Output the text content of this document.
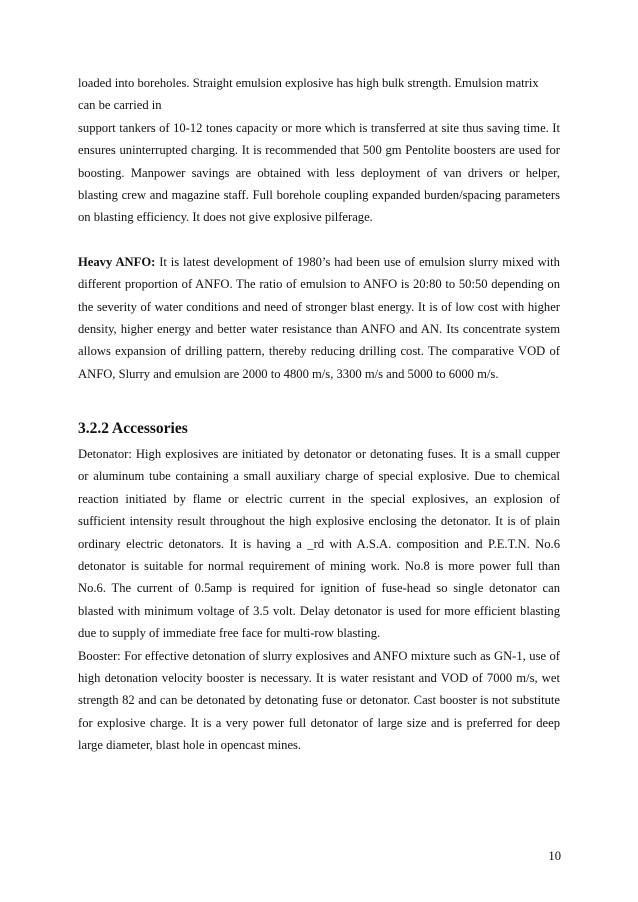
loaded into boreholes. Straight emulsion explosive has high bulk strength. Emulsion matrix

can be carried in

support tankers of 10-12 tones capacity or more which is transferred at site thus saving time. It ensures uninterrupted charging. It is recommended that 500 gm Pentolite boosters are used for boosting. Manpower savings are obtained with less deployment of van drivers or helper, blasting crew and magazine staff. Full borehole coupling expanded burden/spacing parameters on blasting efficiency. It does not give explosive pilferage.

Heavy ANFO: It is latest development of 1980’s had been use of emulsion slurry mixed with different proportion of ANFO. The ratio of emulsion to ANFO is 20:80 to 50:50 depending on the severity of water conditions and need of stronger blast energy. It is of low cost with higher density, higher energy and better water resistance than ANFO and AN. Its concentrate system allows expansion of drilling pattern, thereby reducing drilling cost. The comparative VOD of ANFO, Slurry and emulsion are 2000 to 4800 m/s, 3300 m/s and 5000 to 6000 m/s.

3.2.2 Accessories

Detonator: High explosives are initiated by detonator or detonating fuses. It is a small cupper or aluminum tube containing a small auxiliary charge of special explosive. Due to chemical reaction initiated by flame or electric current in the special explosives, an explosion of sufficient intensity result throughout the high explosive enclosing the detonator. It is of plain ordinary electric detonators. It is having a _rd with A.S.A. composition and P.E.T.N. No.6 detonator is suitable for normal requirement of mining work. No.8 is more power full than No.6. The current of 0.5amp is required for ignition of fuse-head so single detonator can blasted with minimum voltage of 3.5 volt. Delay detonator is used for more efficient blasting due to supply of immediate free face for multi-row blasting.

Booster: For effective detonation of slurry explosives and ANFO mixture such as GN-1, use of high detonation velocity booster is necessary. It is water resistant and VOD of 7000 m/s, wet strength 82 and can be detonated by detonating fuse or detonator. Cast booster is not substitute for explosive charge. It is a very power full detonator of large size and is preferred for deep large diameter, blast hole in opencast mines.

10
